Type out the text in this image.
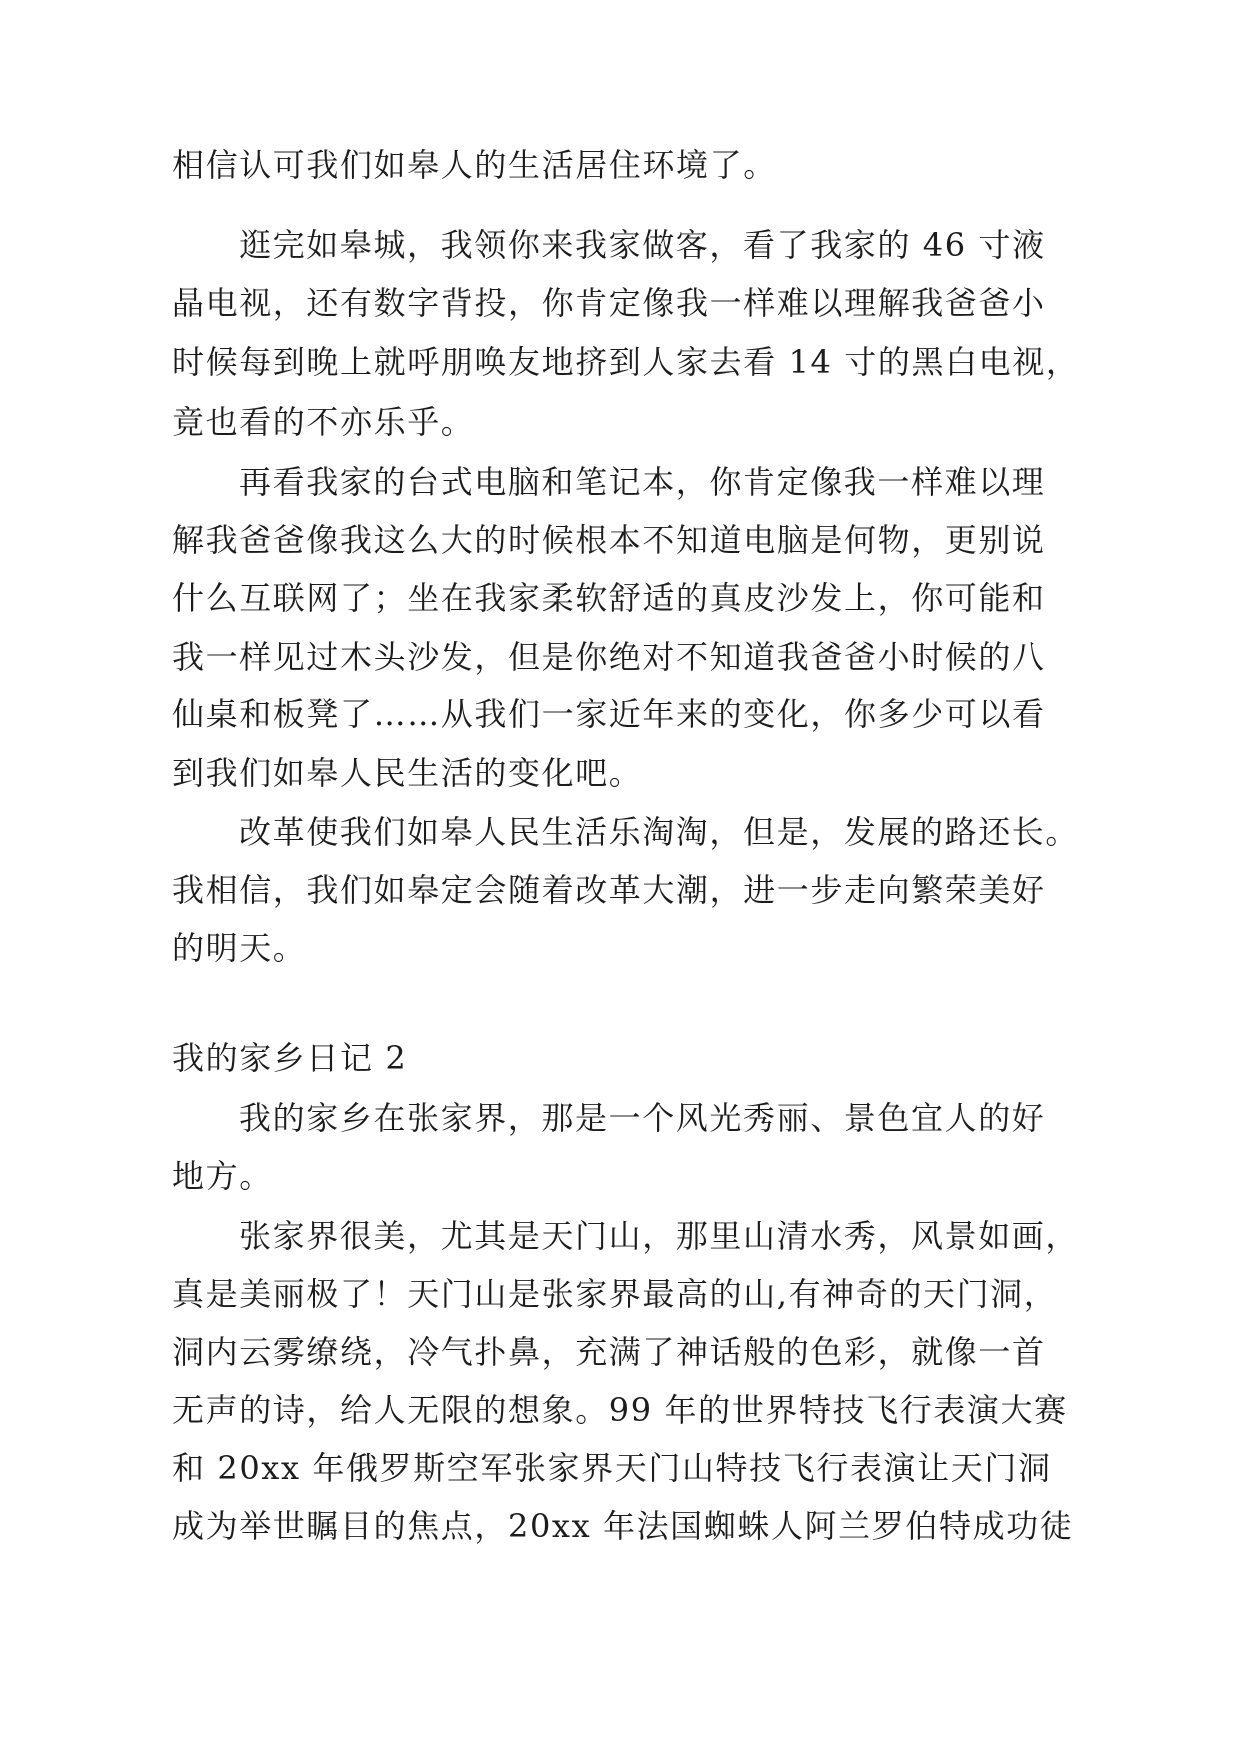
相信认可我们如皋人的生活居住环境了。
逛完如皋城，我领你来我家做客，看了我家的 46 寸液
晶电视，还有数字背投，你肯定像我一样难以理解我爸爸小
时候每到晚上就呼朋唤友地挤到人家去看 14 寸的黑白电视，
竟也看的不亦乐乎。
再看我家的台式电脑和笔记本，你肯定像我一样难以理
解我爸爸像我这么大的时候根本不知道电脑是何物，更别说
什么互联网了；坐在我家柔软舒适的真皮沙发上，你可能和
我一样见过木头沙发，但是你绝对不知道我爸爸小时候的八
仙桌和板凳了……从我们一家近年来的变化，你多少可以看
到我们如皋人民生活的变化吧。
改革使我们如皋人民生活乐淘淘，但是，发展的路还长。
我相信，我们如皋定会随着改革大潮，进一步走向繁荣美好
的明天。
我的家乡日记 2
我的家乡在张家界，那是一个风光秀丽、景色宜人的好
地方。
张家界很美，尤其是天门山，那里山清水秀，风景如画，
真是美丽极了！天门山是张家界最高的山,有神奇的天门洞，
洞内云雾缭绕，冷气扑鼻，充满了神话般的色彩，就像一首
无声的诗，给人无限的想象。99 年的世界特技飞行表演大赛
和 20xx 年俄罗斯空军张家界天门山特技飞行表演让天门洞
成为举世瞩目的焦点，20xx 年法国蜘蛛人阿兰罗伯特成功徒
